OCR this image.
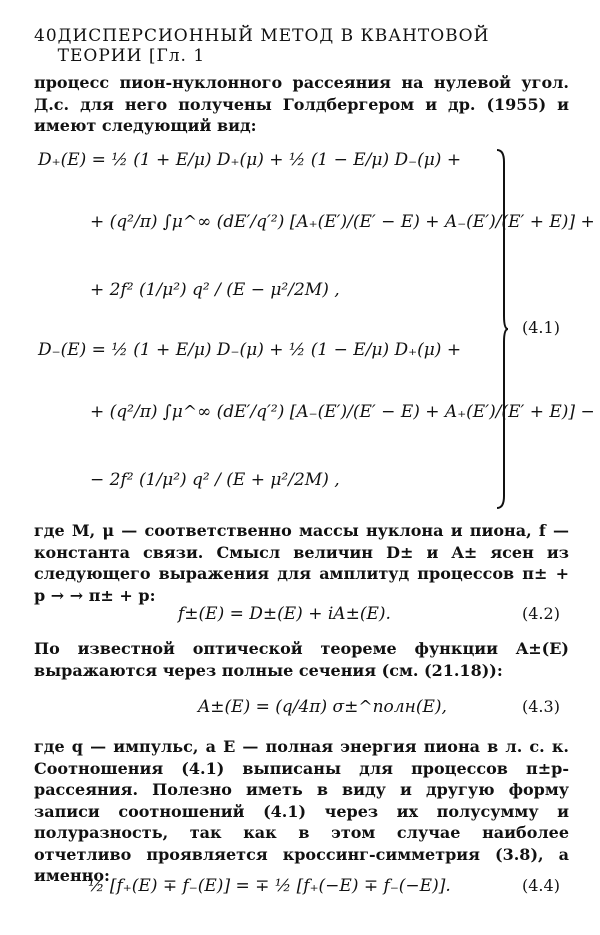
40 ДИСПЕРСИОННЫЙ МЕТОД В КВАНТОВОЙ ТЕОРИИ [Гл. 1
процесс пион-нуклонного рассеяния на нулевой угол. Д.с. для него получены Голдбергером и др. (1955) и имеют следующий вид:
D₊(E) = ½ (1 + E/μ) D₊(μ) + ½ (1 − E/μ) D₋(μ) +
+ (q²/π) ∫μ^∞ (dE′/q′²) [A₊(E′)/(E′ − E) + A₋(E′)/(E′ + E)] +
+ 2f² (1/μ²) q² / (E − μ²/2M) ,
D₋(E) = ½ (1 + E/μ) D₋(μ) + ½ (1 − E/μ) D₊(μ) +
+ (q²/π) ∫μ^∞ (dE′/q′²) [A₋(E′)/(E′ − E) + A₊(E′)/(E′ + E)] −
− 2f² (1/μ²) q² / (E + μ²/2M) ,
(4.1)
где M, μ — соответственно массы нуклона и пиона, f — константа связи. Смысл величин D± и A± ясен из следующего выражения для амплитуд процессов π± + p → → π± + p:
f±(E) = D±(E) + iA±(E).	(4.2)
По известной оптической теореме функции A±(E) выражаются через полные сечения (см. (21.18)):
A±(E) = (q/4π) σ±^полн(E),	(4.3)
где q — импульс, а E — полная энергия пиона в л. с. к. Соотношения (4.1) выписаны для процессов π±p-рассеяния. Полезно иметь в виду и другую форму записи соотношений (4.1) через их полусумму и полуразность, так как в этом случае наиболее отчетливо проявляется кроссинг-симметрия (3.8), а именно:
½ [f₊(E) ∓ f₋(E)] = ∓ ½ [f₊(−E) ∓ f₋(−E)].	(4.4)
